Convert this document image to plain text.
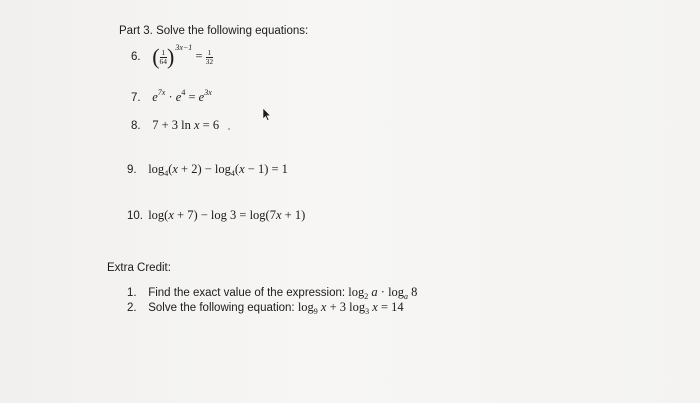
Part 3. Solve the following equations:
6. ( $\frac{1}{64} )^{3x-1} = \frac{1}{32}$
7. $e^{7x} \cdot e^4 = e^{3x}$
8. 7 + 3 ln x = 6
9. $\log_4(x + 2) - \log_4(x - 1) = 1$
10. log(x + 7) − log 3 = log(7x + 1)
Extra Credit:
1. Find the exact value of the expression: $\log_2 a \cdot \log_a 8$
2. Solve the following equation: $\log_9 x + 3$ $\log_3 x = 14$
